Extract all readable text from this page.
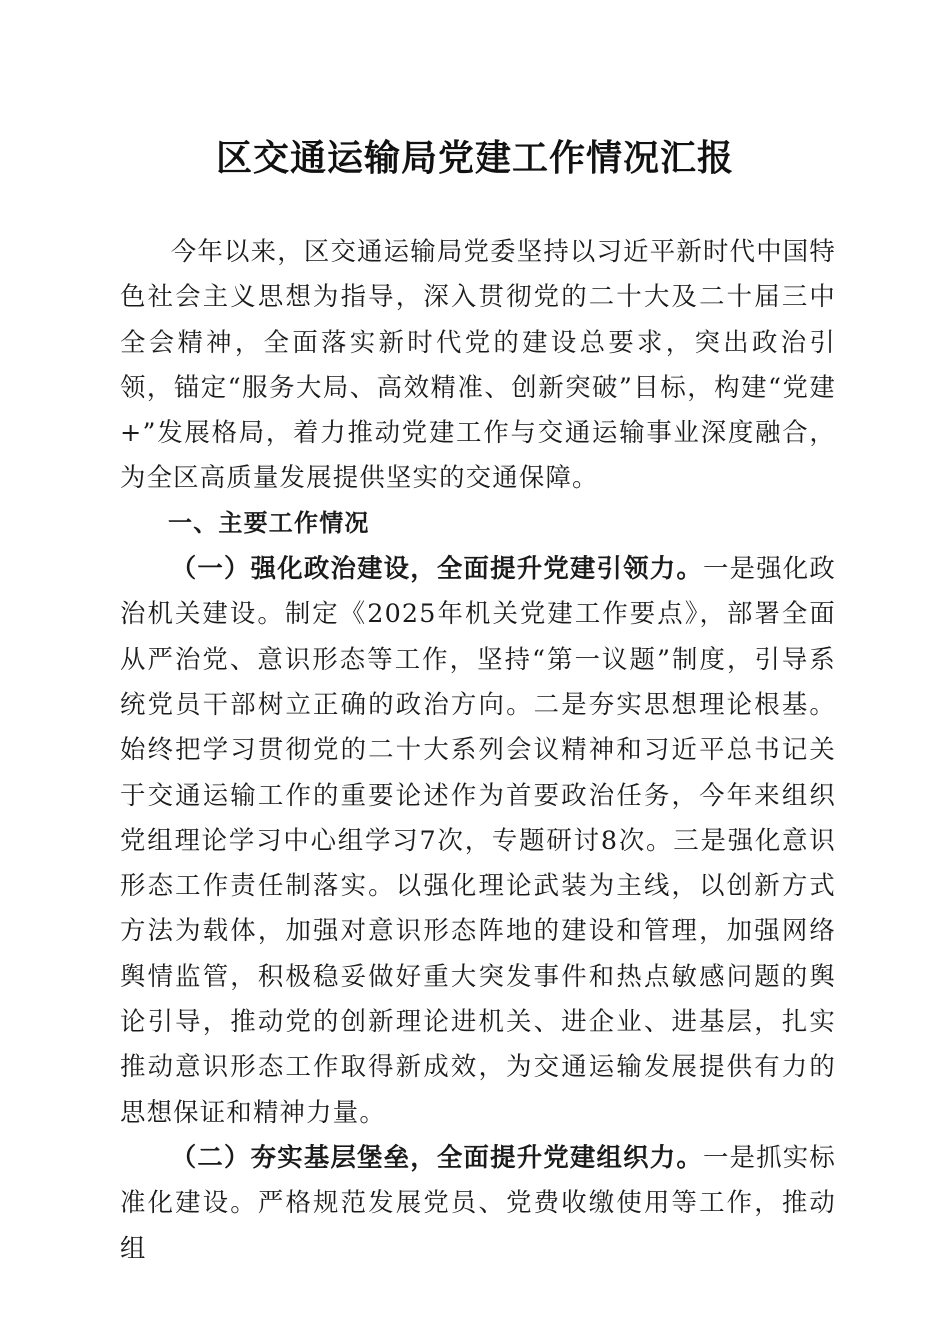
区交通运输局党建工作情况汇报

今年以来，区交通运输局党委坚持以习近平新时代中国特色社会主义思想为指导，深入贯彻党的二十大及二十届三中全会精神，全面落实新时代党的建设总要求，突出政治引领，锚定“服务大局、高效精准、创新突破”目标，构建“党建+”发展格局，着力推动党建工作与交通运输事业深度融合，为全区高质量发展提供坚实的交通保障。

一、主要工作情况

（一）强化政治建设，全面提升党建引领力。一是强化政治机关建设。制定《2025年机关党建工作要点》，部署全面从严治党、意识形态等工作，坚持“第一议题”制度，引导系统党员干部树立正确的政治方向。二是夯实思想理论根基。始终把学习贯彻党的二十大系列会议精神和习近平总书记关于交通运输工作的重要论述作为首要政治任务，今年来组织党组理论学习中心组学习7次，专题研讨8次。三是强化意识形态工作责任制落实。以强化理论武装为主线，以创新方式方法为载体，加强对意识形态阵地的建设和管理，加强网络舆情监管，积极稳妥做好重大突发事件和热点敏感问题的舆论引导，推动党的创新理论进机关、进企业、进基层，扎实推动意识形态工作取得新成效，为交通运输发展提供有力的思想保证和精神力量。

（二）夯实基层堡垒，全面提升党建组织力。一是抓实标准化建设。严格规范发展党员、党费收缴使用等工作，推动组
